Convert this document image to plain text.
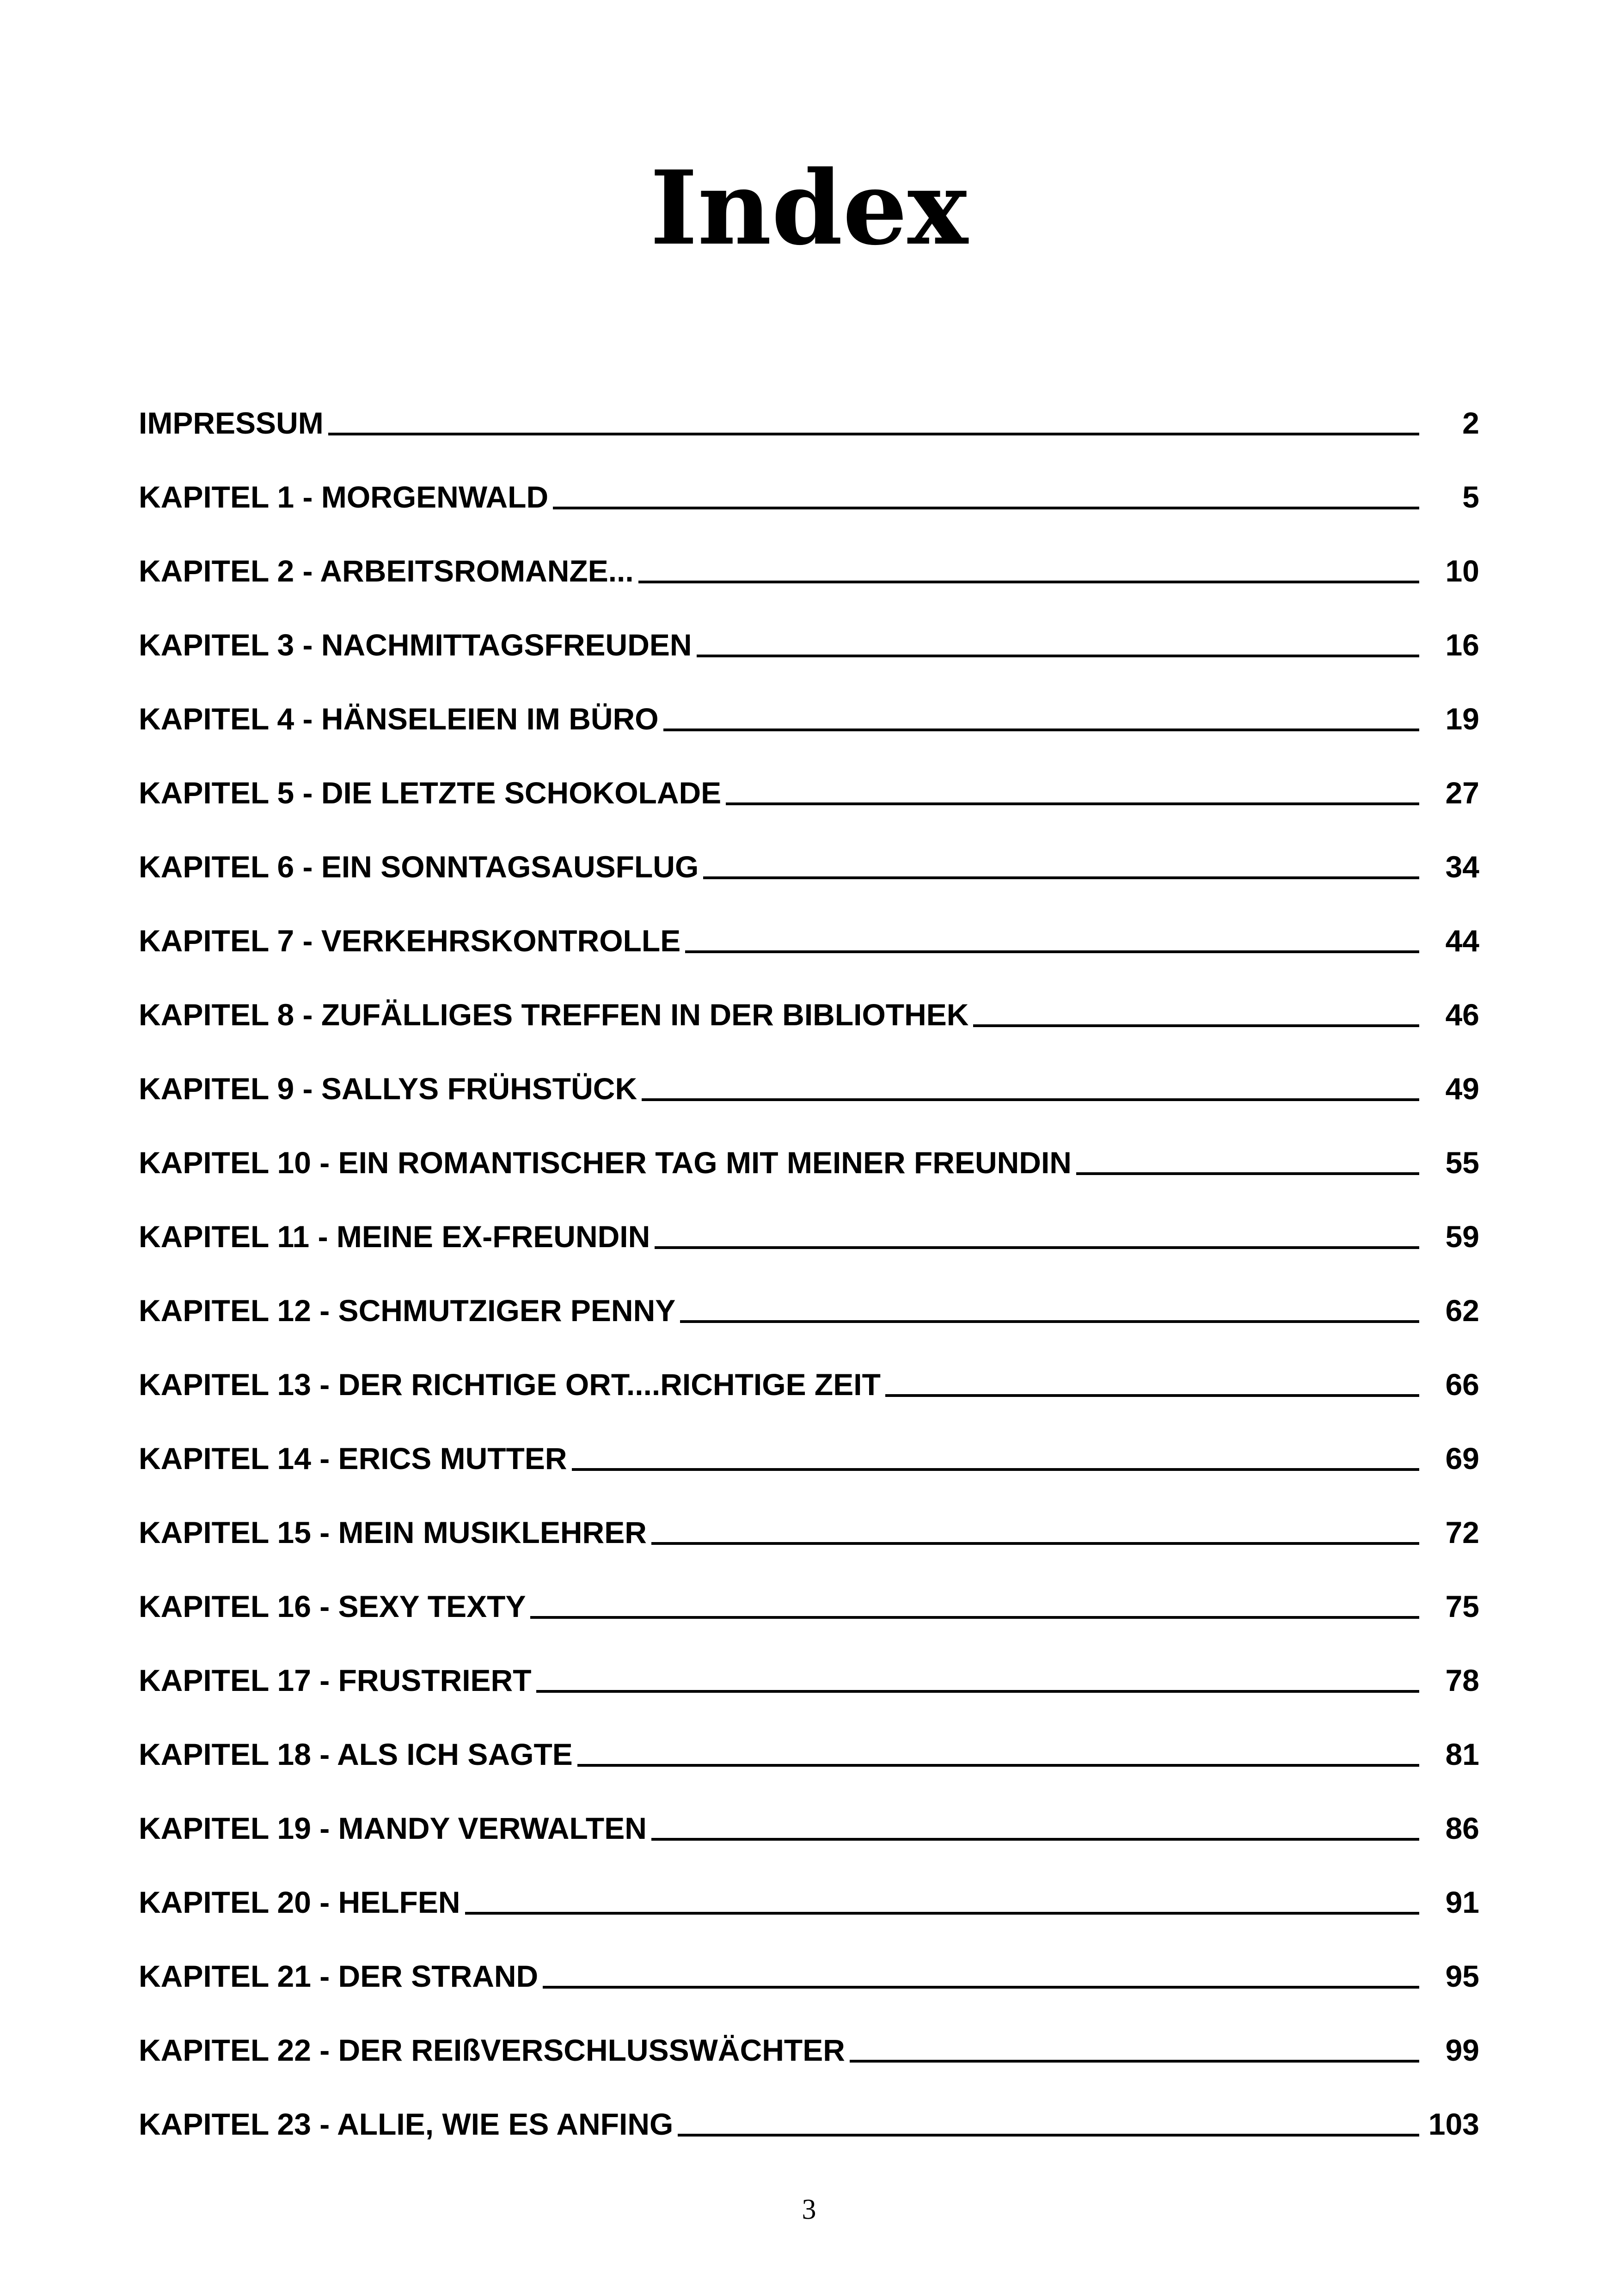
Index
IMPRESSUM	2
KAPITEL 1 - MORGENWALD	5
KAPITEL 2 - ARBEITSROMANZE...	10
KAPITEL 3 - NACHMITTAGSFREUDEN	16
KAPITEL 4 - HÄNSELEIEN IM BÜRO	19
KAPITEL 5 - DIE LETZTE SCHOKOLADE	27
KAPITEL 6 - EIN SONNTAGSAUSFLUG	34
KAPITEL 7 - VERKEHRSKONTROLLE	44
KAPITEL 8 - ZUFÄLLIGES TREFFEN IN DER BIBLIOTHEK	46
KAPITEL 9 - SALLYS FRÜHSTÜCK	49
KAPITEL 10 - EIN ROMANTISCHER TAG MIT MEINER FREUNDIN	55
KAPITEL 11 - MEINE EX-FREUNDIN	59
KAPITEL 12 - SCHMUTZIGER PENNY	62
KAPITEL 13 - DER RICHTIGE ORT....RICHTIGE ZEIT	66
KAPITEL 14 - ERICS MUTTER	69
KAPITEL 15 - MEIN MUSIKLEHRER	72
KAPITEL 16 - SEXY TEXTY	75
KAPITEL 17 - FRUSTRIERT	78
KAPITEL 18 - ALS ICH SAGTE	81
KAPITEL 19 - MANDY VERWALTEN	86
KAPITEL 20 - HELFEN	91
KAPITEL 21 - DER STRAND	95
KAPITEL 22 - DER REIßVERSCHLUSSWÄCHTER	99
KAPITEL 23 - ALLIE, WIE ES ANFING	103
3
